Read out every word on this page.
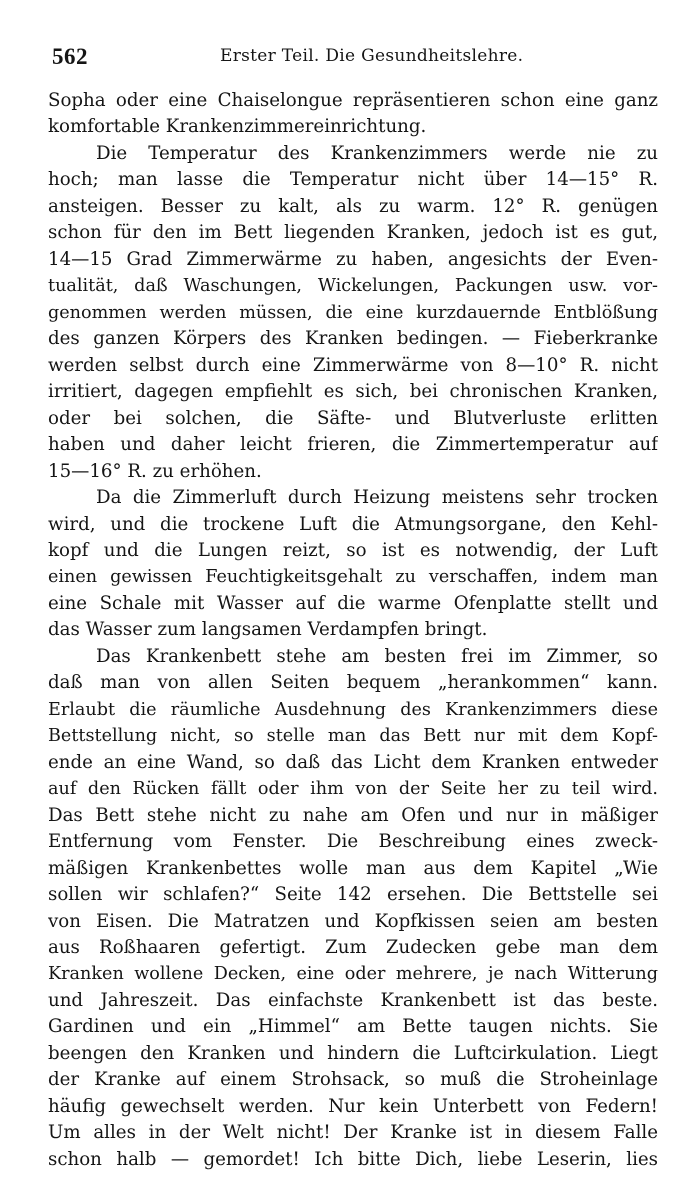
562	Erster Teil. Die Gesundheitslehre.
Sopha oder eine Chaiselongue repräsentieren schon eine ganz
komfortable Krankenzimmereinrichtung.
Die Temperatur des Krankenzimmers werde nie zu
hoch; man lasse die Temperatur nicht über 14—15° R.
ansteigen. Besser zu kalt, als zu warm. 12° R. genügen
schon für den im Bett liegenden Kranken, jedoch ist es gut,
14—15 Grad Zimmerwärme zu haben, angesichts der Even-
tualität, daß Waschungen, Wickelungen, Packungen usw. vor-
genommen werden müssen, die eine kurzdauernde Entblößung
des ganzen Körpers des Kranken bedingen. — Fieberkranke
werden selbst durch eine Zimmerwärme von 8—10° R. nicht
irritiert, dagegen empfiehlt es sich, bei chronischen Kranken,
oder bei solchen, die Säfte- und Blutverluste erlitten
haben und daher leicht frieren, die Zimmertemperatur auf
15—16° R. zu erhöhen.
Da die Zimmerluft durch Heizung meistens sehr trocken
wird, und die trockene Luft die Atmungsorgane, den Kehl-
kopf und die Lungen reizt, so ist es notwendig, der Luft
einen gewissen Feuchtigkeitsgehalt zu verschaffen, indem man
eine Schale mit Wasser auf die warme Ofenplatte stellt und
das Wasser zum langsamen Verdampfen bringt.
Das Krankenbett stehe am besten frei im Zimmer, so
daß man von allen Seiten bequem „herankommen“ kann.
Erlaubt die räumliche Ausdehnung des Krankenzimmers diese
Bettstellung nicht, so stelle man das Bett nur mit dem Kopf-
ende an eine Wand, so daß das Licht dem Kranken entweder
auf den Rücken fällt oder ihm von der Seite her zu teil wird.
Das Bett stehe nicht zu nahe am Ofen und nur in mäßiger
Entfernung vom Fenster. Die Beschreibung eines zweck-
mäßigen Krankenbettes wolle man aus dem Kapitel „Wie
sollen wir schlafen?“ Seite 142 ersehen. Die Bettstelle sei
von Eisen. Die Matratzen und Kopfkissen seien am besten
aus Roßhaaren gefertigt. Zum Zudecken gebe man dem
Kranken wollene Decken, eine oder mehrere, je nach Witterung
und Jahreszeit. Das einfachste Krankenbett ist das beste.
Gardinen und ein „Himmel“ am Bette taugen nichts. Sie
beengen den Kranken und hindern die Luftcirkulation. Liegt
der Kranke auf einem Strohsack, so muß die Stroheinlage
häufig gewechselt werden. Nur kein Unterbett von Federn!
Um alles in der Welt nicht! Der Kranke ist in diesem Falle
schon halb — gemordet! Ich bitte Dich, liebe Leserin, lies
